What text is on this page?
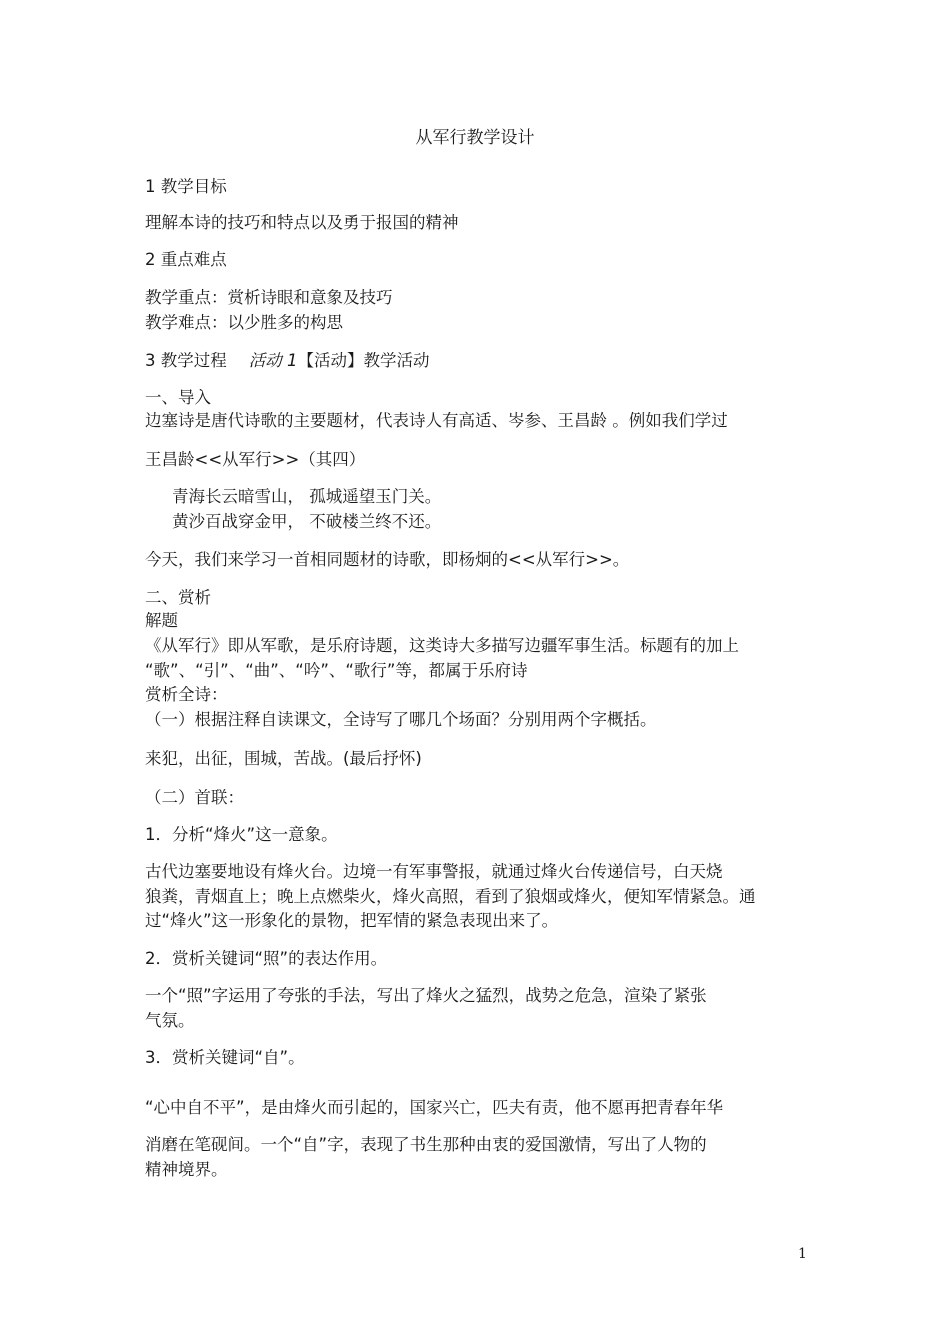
从军行教学设计
1 教学目标
理解本诗的技巧和特点以及勇于报国的精神
2 重点难点
教学重点：赏析诗眼和意象及技巧
教学难点：以少胜多的构思
3 教学过程 活动 1【活动】教学活动
一、导入
边塞诗是唐代诗歌的主要题材，代表诗人有高适、岑参、王昌龄 。例如我们学过
王昌龄<<从军行>>（其四）
青海长云暗雪山， 孤城遥望玉门关。
黄沙百战穿金甲， 不破楼兰终不还。
今天，我们来学习一首相同题材的诗歌，即杨炯的<<从军行>>。
二、赏析
解题
《从军行》即从军歌，是乐府诗题，这类诗大多描写边疆军事生活。标题有的加上
“歌”、“引”、“曲”、“吟”、“歌行”等，都属于乐府诗
赏析全诗：
（一）根据注释自读课文，全诗写了哪几个场面？分别用两个字概括。
来犯，出征，围城，苦战。(最后抒怀)
（二）首联：
1．分析“烽火”这一意象。
古代边塞要地设有烽火台。边境一有军事警报，就通过烽火台传递信号，白天烧
狼粪，青烟直上；晚上点燃柴火，烽火高照，看到了狼烟或烽火，便知军情紧急。通
过“烽火”这一形象化的景物，把军情的紧急表现出来了。
2．赏析关键词“照”的表达作用。
一个“照”字运用了夸张的手法，写出了烽火之猛烈，战势之危急，渲染了紧张
气氛。
3．赏析关键词“自”。
“心中自不平”，是由烽火而引起的，国家兴亡，匹夫有责，他不愿再把青春年华
消磨在笔砚间。一个“自”字，表现了书生那种由衷的爱国激情，写出了人物的
精神境界。
1
